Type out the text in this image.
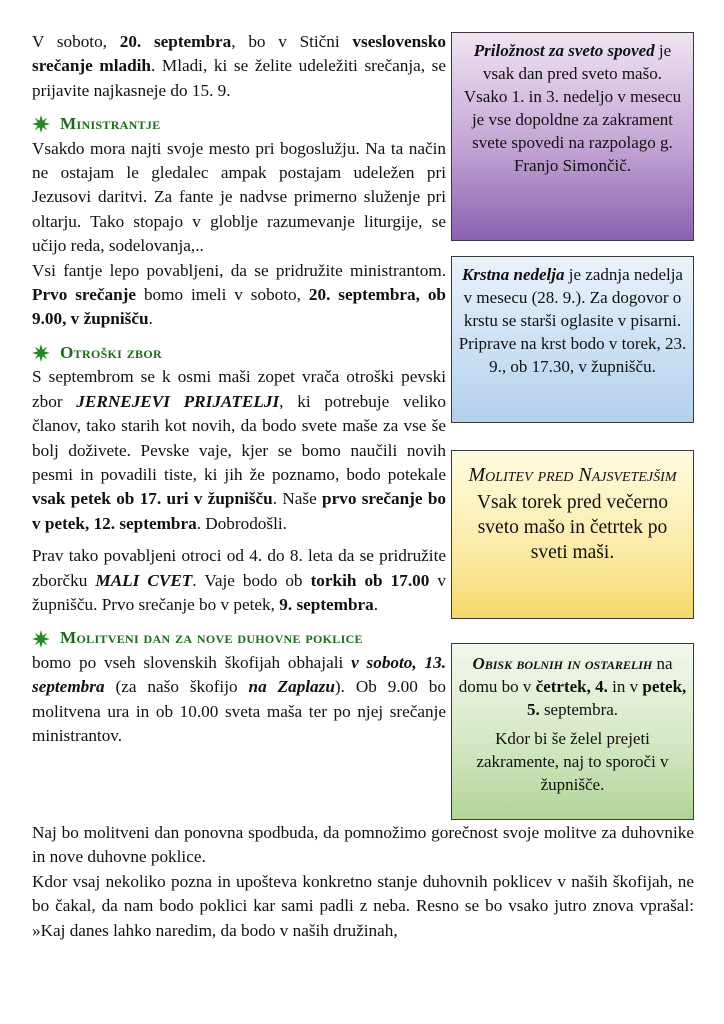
V soboto, 20. septembra, bo v Stični vseslovensko srečanje mladih. Mladi, ki se želite udeležiti srečanja, se prijavite najkasneje do 15. 9.

Ministrantje

Vsakdo mora najti svoje mesto pri bogoslužju. Na ta način ne ostajam le gledalec ampak postajam udeležen pri Jezusovi daritvi. Za fante je nadvse primerno služenje pri oltarju. Tako stopajo v globlje razumevanje liturgije, se učijo reda, sodelovanja,..

Vsi fantje lepo povabljeni, da se pridružite ministrantom. Prvo srečanje bomo imeli v soboto, 20. septembra, ob 9.00, v župnišču.

Otroški zbor

S septembrom se k osmi maši zopet vrača otroški pevski zbor JERNEJEVI PRIJATELJI, ki potrebuje veliko članov, tako starih kot novih, da bodo svete maše za vse še bolj doživete. Pevske vaje, kjer se bomo naučili novih pesmi in povadili tiste, ki jih že poznamo, bodo potekale vsak petek ob 17. uri v župnišču. Naše prvo srečanje bo v petek, 12. septembra. Dobrodošli.

Prav tako povabljeni otroci od 4. do 8. leta da se pridružite zborčku MALI CVET. Vaje bodo ob torkih ob 17.00 v župnišču. Prvo srečanje bo v petek, 9. septembra.

Molitveni dan za nove duhovne poklice

bomo po vseh slovenskih škofijah obhajali v soboto, 13. septembra (za našo škofijo na Zaplazu). Ob 9.00 bo molitvena ura in ob 10.00 sveta maša ter po njej srečanje ministrantov.

Naj bo molitveni dan ponovna spodbuda, da pomnožimo gorečnost svoje molitve za duhovnike in nove duhovne poklice.

Kdor vsaj nekoliko pozna in upošteva konkretno stanje duhovnih poklicev v naših škofijah, ne bo čakal, da nam bodo poklici kar sami padli z neba. Resno se bo vsako jutro znova vprašal: »Kaj danes lahko naredim, da bodo v naših družinah,

Priložnost za sveto spoved je vsak dan pred sveto mašo.

Vsako 1. in 3. nedeljo v mesecu je vse dopoldne za zakrament svete spovedi na razpolago g. Franjo Simončič.

Krstna nedelja je zadnja nedelja v mesecu (28. 9.). Za dogovor o krstu se starši oglasite v pisarni. Priprave na krst bodo v torek, 23. 9., ob 17.30, v župnišču.
Molitev pred Najsvetejšim
Vsak torek pred večerno sveto mašo in četrtek po sveti maši.

Obisk bolnih in ostarelih na domu bo v četrtek, 4. in v petek, 5. septembra.

Kdor bi še želel prejeti zakramente, naj to sporoči v župnišče.
